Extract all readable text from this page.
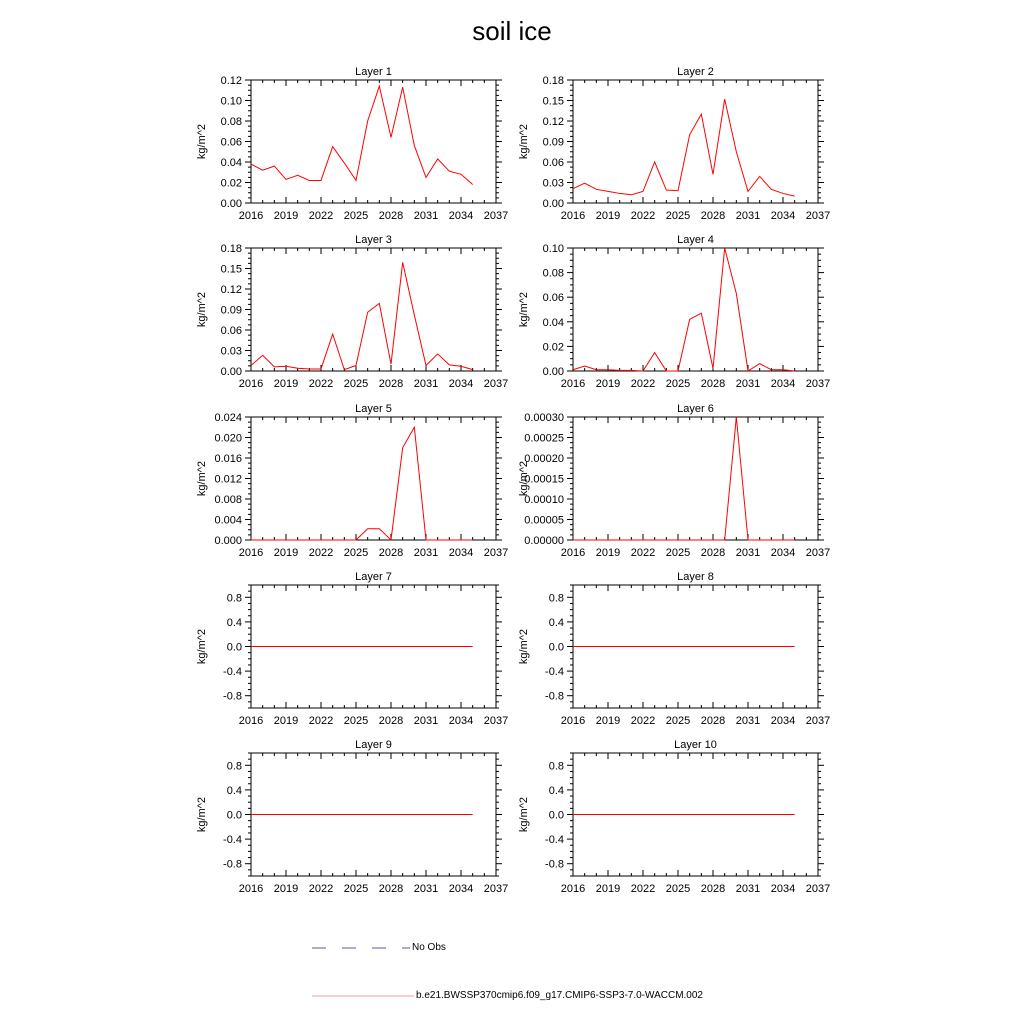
soil ice
Layer 1
kg/m^2
2016 2019 2022 2025 2028 2031 2034 2037
0.00
0.02
0.04
0.06
0.08
0.10
0.12
Layer 2
kg/m^2
2016 2019 2022 2025 2028 2031 2034 2037
0.00
0.03
0.06
0.09
0.12
0.15
0.18
Layer 3
kg/m^2
2016 2019 2022 2025 2028 2031 2034 2037
0.00
0.03
0.06
0.09
0.12
0.15
0.18
Layer 4
kg/m^2
2016 2019 2022 2025 2028 2031 2034 2037
0.00
0.02
0.04
0.06
0.08
0.10
Layer 5
kg/m^2
2016 2019 2022 2025 2028 2031 2034 2037
0.000
0.004
0.008
0.012
0.016
0.020
0.024
Layer 6
kg/m^2
2016 2019 2022 2025 2028 2031 2034 2037
0.00000
0.00005
0.00010
0.00015
0.00020
0.00025
0.00030
Layer 7
kg/m^2
2016 2019 2022 2025 2028 2031 2034 2037
-0.8
-0.4
0.0
0.4
0.8
Layer 8
kg/m^2
2016 2019 2022 2025 2028 2031 2034 2037
-0.8
-0.4
0.0
0.4
0.8
Layer 9
kg/m^2
2016 2019 2022 2025 2028 2031 2034 2037
-0.8
-0.4
0.0
0.4
0.8
Layer 10
kg/m^2
2016 2019 2022 2025 2028 2031 2034 2037
-0.8
-0.4
0.0
0.4
0.8
No Obs
b.e21.BWSSP370cmip6.f09_g17.CMIP6-SSP3-7.0-WACCM.002
